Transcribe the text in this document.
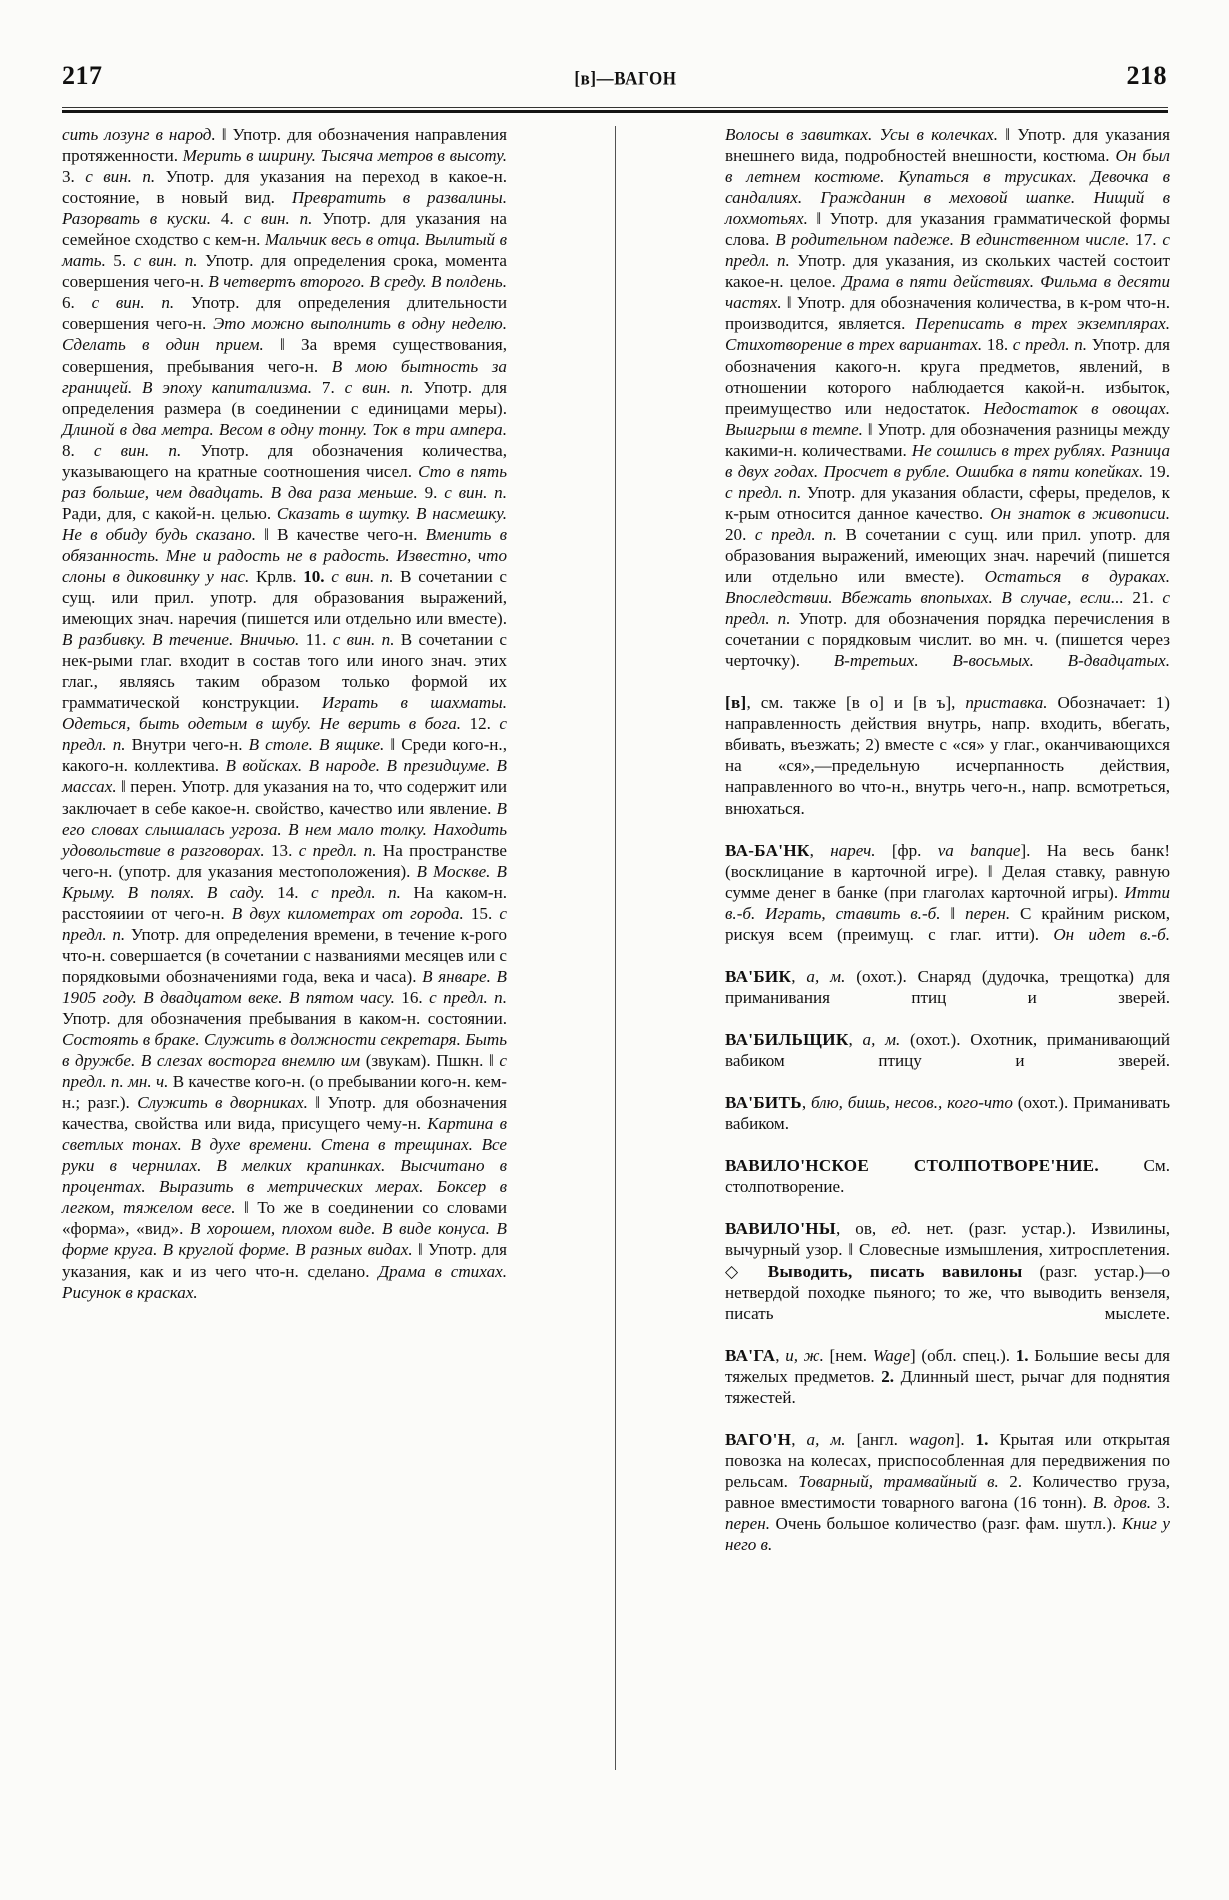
217	[в]—ВАГОН	218

сить лозунг в народ. ‖ Употр. для обозначения направления протяженности. Мерить в ширину. Тысяча метров в высоту. 3. с вин. п. Употр. для указания на переход в какое-н. состояние, в новый вид. Превратить в развалины. Разорвать в куски. 4. с вин. п. Употр. для указания на семейное сходство с кем-н. Мальчик весь в отца. Вылитый в мать. 5. с вин. п. Употр. для определения срока, момента совершения чего-н. В четвертъ второго. В среду. В полдень. 6. с вин. п. Употр. для определения длительности совершения чего-н. Это можно выполнить в одну неделю. Сделать в один прием. ‖ За время существования, совершения, пребывания чего-н. В мою бытность за границей. В эпоху капитализма. 7. с вин. п. Употр. для определения размера (в соединении с единицами меры). Длиной в два метра. Весом в одну тонну. Ток в три ампера. 8. с вин. п. Употр. для обозначения количества, указывающего на кратные соотношения чисел. Сто в пять раз больше, чем двадцать. В два раза меньше. 9. с вин. п. Ради, для, с какой-н. целью. Сказать в шутку. В насмешку. Не в обиду будь сказано. ‖ В качестве чего-н. Вменить в обязанность. Мне и радость не в радость. Известно, что слоны в диковинку у нас. Крлв. 10. с вин. п. В сочетании с сущ. или прил. употр. для образования выражений, имеющих знач. наречия (пишется или отдельно или вместе). В разбивку. В течение. Вничью. 11. с вин. п. В сочетании с нек-рыми глаг. входит в состав того или иного знач. этих глаг., являясь таким образом только формой их грамматической конструкции. Играть в шахматы. Одеться, быть одетым в шубу. Не верить в бога. 12. с предл. п. Внутри чего-н. В столе. В ящике. ‖ Среди кого-н., какого-н. коллектива. В войсках. В народе. В президиуме. В массах. ‖ перен. Употр. для указания на то, что содержит или заключает в себе какое-н. свойство, качество или явление. В его словах слышалась угроза. В нем мало толку. Находить удовольствие в разговорах. 13. с предл. п. На пространстве чего-н. (употр. для указания местоположения). В Москве. В Крыму. В полях. В саду. 14. с предл. п. На каком-н. расстояиии от чего-н. В двух километрах от города. 15. с предл. п. Употр. для определения времени, в течение к-рого что-н. совершается (в сочетании с названиями месяцев или с порядковыми обозначениями года, века и часа). В январе. В 1905 году. В двадцатом веке. В пятом часу. 16. с предл. п. Употр. для обозначения пребывания в каком-н. состоянии. Состоять в браке. Служить в должности секретаря. Быть в дружбе. В слезах восторга внемлю им (звукам). Пшкн. ‖ с предл. п. мн. ч. В качестве кого-н. (о пребывании кого-н. кем-н.; разг.). Служить в дворниках. ‖ Употр. для обозначения качества, свойства или вида, присущего чему-н. Картина в светлых тонах. В духе времени. Стена в трещинах. Все руки в чернилах. В мелких крапинках. Высчитано в процентах. Выразить в метрических мерах. Боксер в легком, тяжелом весе. ‖ То же в соединении со словами «форма», «вид». В хорошем, плохом виде. В виде конуса. В форме круга. В круглой форме. В разных видах. ‖ Употр. для указания, как и из чего что-н. сделано. Драма в стихах. Рисунок в красках.

Волосы в завитках. Усы в колечках. ‖ Употр. для указания внешнего вида, подробностей внешности, костюма. Он был в летнем костюме. Купаться в трусиках. Девочка в сандалиях. Гражданин в меховой шапке. Нищий в лохмотьях. ‖ Употр. для указания грамматической формы слова. В родительном падеже. В единственном числе. 17. с предл. п. Употр. для указания, из скольких частей состоит какое-н. целое. Драма в пяти действиях. Фильма в десяти частях. ‖ Употр. для обозначения количества, в к-ром что-н. производится, является. Переписать в трех экземплярах. Стихотворение в трех вариантах. 18. с предл. п. Употр. для обозначения какого-н. круга предметов, явлений, в отношении которого наблюдается какой-н. избыток, преимущество или недостаток. Недостаток в овощах. Выигрыш в темпе. ‖ Употр. для обозначения разницы между какими-н. количествами. Не сошлись в трех рублях. Разница в двух годах. Просчет в рубле. Ошибка в пяти копейках. 19. с предл. п. Употр. для указания области, сферы, пределов, к к-рым относится данное качество. Он знаток в живописи. 20. с предл. п. В сочетании с сущ. или прил. употр. для образования выражений, имеющих знач. наречий (пишется или отдельно или вместе). Остаться в дураках. Впоследствии. Вбежать впопыхах. В случае, если... 21. с предл. п. Употр. для обозначения порядка перечисления в сочетании с порядковым числит. во мн. ч. (пишется через черточку). В-третьих. В-восьмых. В-двадцатых.

[в], см. также [в о] и [в ъ], приставка. Обозначает: 1) направленность действия внутрь, напр. входить, вбегать, вбивать, въезжать; 2) вместе с «ся» у глаг., оканчивающихся на «ся»,—предельную исчерпанность действия, направленного во что-н., внутрь чего-н., напр. всмотреться, внюхаться.

ВА-БА'НК, нареч. [фр. va banque]. На весь банк! (восклицание в карточной игре). ‖ Делая ставку, равную сумме денег в банке (при глаголах карточной игры). Итти в.-б. Играть, ставить в.-б. ‖ перен. С крайним риском, рискуя всем (преимущ. с глаг. итти). Он идет в.-б.

ВА'БИК, а, м. (охот.). Снаряд (дудочка, трещотка) для приманивания птиц и зверей.

ВА'БИЛЬЩИК, а, м. (охот.). Охотник, приманивающий вабиком птицу и зверей.

ВА'БИТЬ, блю, бишь, несов., кого-что (охот.). Приманивать вабиком.

ВАВИЛО'НСКОЕ СТОЛПОТВОРЕ'НИЕ. См. столпотворение.

ВАВИЛО'НЫ, ов, ед. нет. (разг. устар.). Извилины, вычурный узор. ‖ Словесные измышления, хитросплетения. ◇ Выводить, писать вавилоны (разг. устар.)—о нетвердой походке пьяного; то же, что выводить вензеля, писать мыслете.

ВА'ГА, и, ж. [нем. Wage] (обл. спец.). 1. Большие весы для тяжелых предметов. 2. Длинный шест, рычаг для поднятия тяжестей.

ВАГО'Н, а, м. [англ. wagon]. 1. Крытая или открытая повозка на колесах, приспособленная для передвижения по рельсам. Товарный, трамвайный в. 2. Количество груза, равное вместимости товарного вагона (16 тонн). В. дров. 3. перен. Очень большое количество (разг. фам. шутл.). Книг у него в.
